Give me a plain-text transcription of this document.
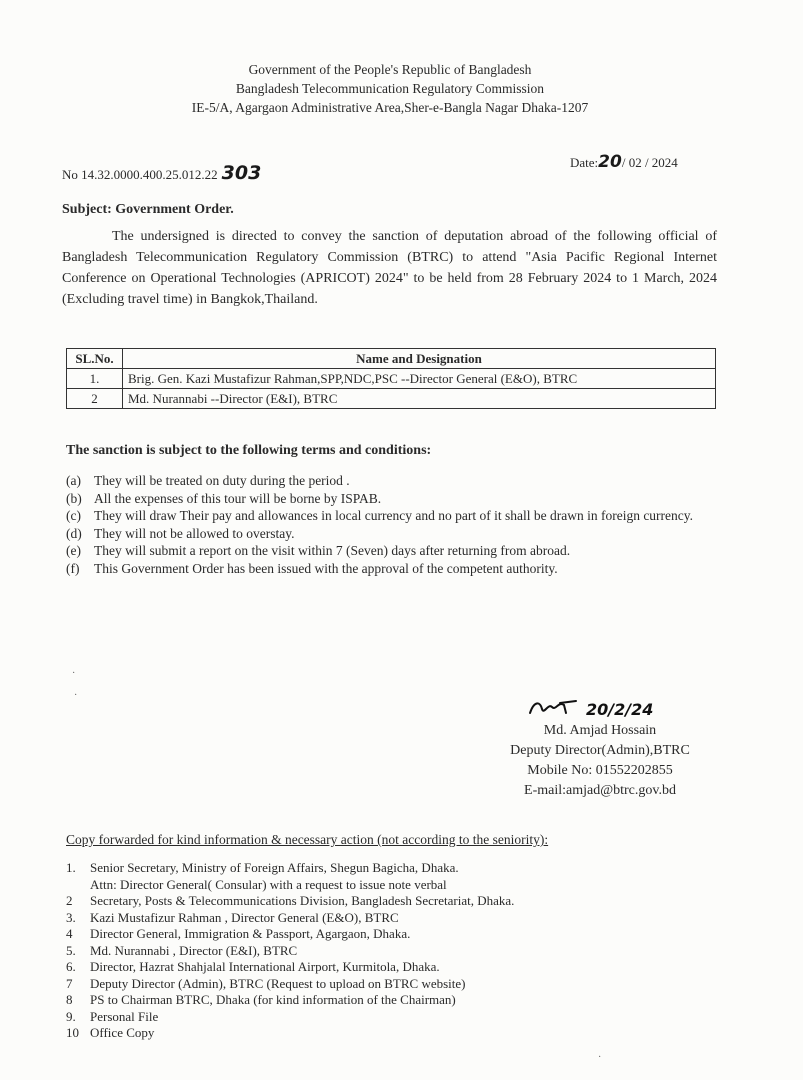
Government of the People's Republic of Bangladesh
Bangladesh Telecommunication Regulatory Commission
IE-5/A, Agargaon Administrative Area,Sher-e-Bangla Nagar Dhaka-1207
No 14.32.0000.400.25.012.22 303	Date:20/ 02 / 2024
Subject: Government Order.
The undersigned is directed to convey the sanction of deputation abroad of the following official of Bangladesh Telecommunication Regulatory Commission (BTRC) to attend "Asia Pacific Regional Internet Conference on Operational Technologies (APRICOT) 2024" to be held from 28 February 2024 to 1 March, 2024 (Excluding travel time) in Bangkok,Thailand.
SL.No.	Name and Designation
1.	Brig. Gen. Kazi Mustafizur Rahman,SPP,NDC,PSC --Director General (E&O), BTRC
2	Md. Nurannabi --Director (E&I), BTRC
The sanction is subject to the following terms and conditions:
(a) They will be treated on duty during the period .
(b) All the expenses of this tour will be borne by ISPAB.
(c) They will draw Their pay and allowances in local currency and no part of it shall be drawn in foreign currency.
(d) They will not be allowed to overstay.
(e) They will submit a report on the visit within 7 (Seven) days after returning from abroad.
(f)	This Government Order has been issued with the approval of the competent authority.
·
·
20/2/24
Md. Amjad Hossain
Deputy Director(Admin),BTRC
Mobile No: 01552202855
E-mail:amjad@btrc.gov.bd
Copy forwarded for kind information & necessary action (not according to the seniority):
1.	Senior Secretary, Ministry of Foreign Affairs, Shegun Bagicha, Dhaka.
Attn: Director General( Consular) with a request to issue note verbal
2	Secretary, Posts & Telecommunications Division, Bangladesh Secretariat, Dhaka.
3.	Kazi Mustafizur Rahman , Director General (E&O), BTRC
4	Director General, Immigration & Passport, Agargaon, Dhaka.
5.	Md. Nurannabi , Director (E&I), BTRC
6.	Director, Hazrat Shahjalal International Airport, Kurmitola, Dhaka.
7	Deputy Director (Admin), BTRC (Request to upload on BTRC website)
8	PS to Chairman BTRC, Dhaka (for kind information of the Chairman)
9.	Personal File
10 Office Copy
·
